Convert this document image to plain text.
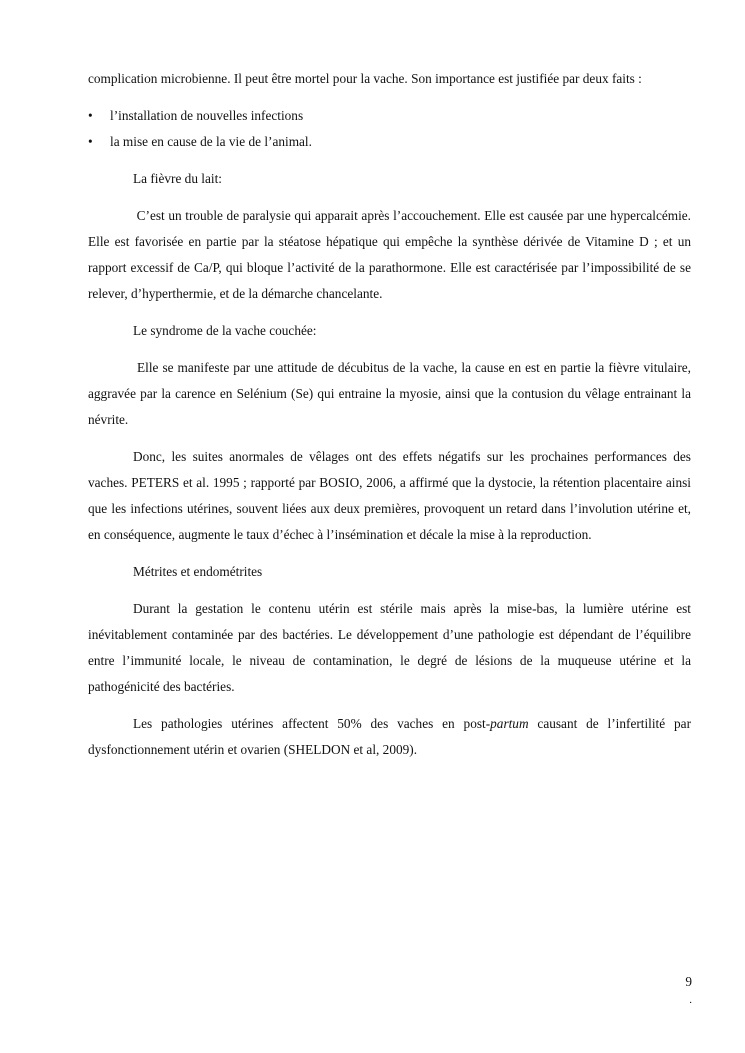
complication microbienne. Il peut être mortel pour la vache. Son importance est justifiée par deux faits :

• l’installation de nouvelles infections
• la mise en cause de la vie de l’animal.

La fièvre du lait:

C’est un trouble de paralysie qui apparait après l’accouchement. Elle est causée par une hypercalcémie. Elle est favorisée en partie par la stéatose hépatique qui empêche la synthèse dérivée de Vitamine D ; et un rapport excessif de Ca/P, qui bloque l’activité de la parathormone. Elle est caractérisée par l’impossibilité de se relever, d’hyperthermie, et de la démarche chancelante.

Le syndrome de la vache couchée:

Elle se manifeste par une attitude de décubitus de la vache, la cause en est en partie la fièvre vitulaire, aggravée par la carence en Selénium (Se) qui entraine la myosie, ainsi que la contusion du vêlage entrainant la névrite.

Donc, les suites anormales de vêlages ont des effets négatifs sur les prochaines performances des vaches. PETERS et al. 1995 ; rapporté par BOSIO, 2006, a affirmé que la dystocie, la rétention placentaire ainsi que les infections utérines, souvent liées aux deux premières, provoquent un retard dans l’involution utérine et, en conséquence, augmente le taux d’échec à l’insémination et décale la mise à la reproduction.

Métrites et endométrites

Durant la gestation le contenu utérin est stérile mais après la mise-bas, la lumière utérine est inévitablement contaminée par des bactéries. Le développement d’une pathologie est dépendant de l’équilibre entre l’immunité locale, le niveau de contamination, le degré de lésions de la muqueuse utérine et la pathogénicité des bactéries.

Les pathologies utérines affectent 50% des vaches en post-partum causant de l’infertilité par dysfonctionnement utérin et ovarien (SHELDON et al, 2009).

9
.
